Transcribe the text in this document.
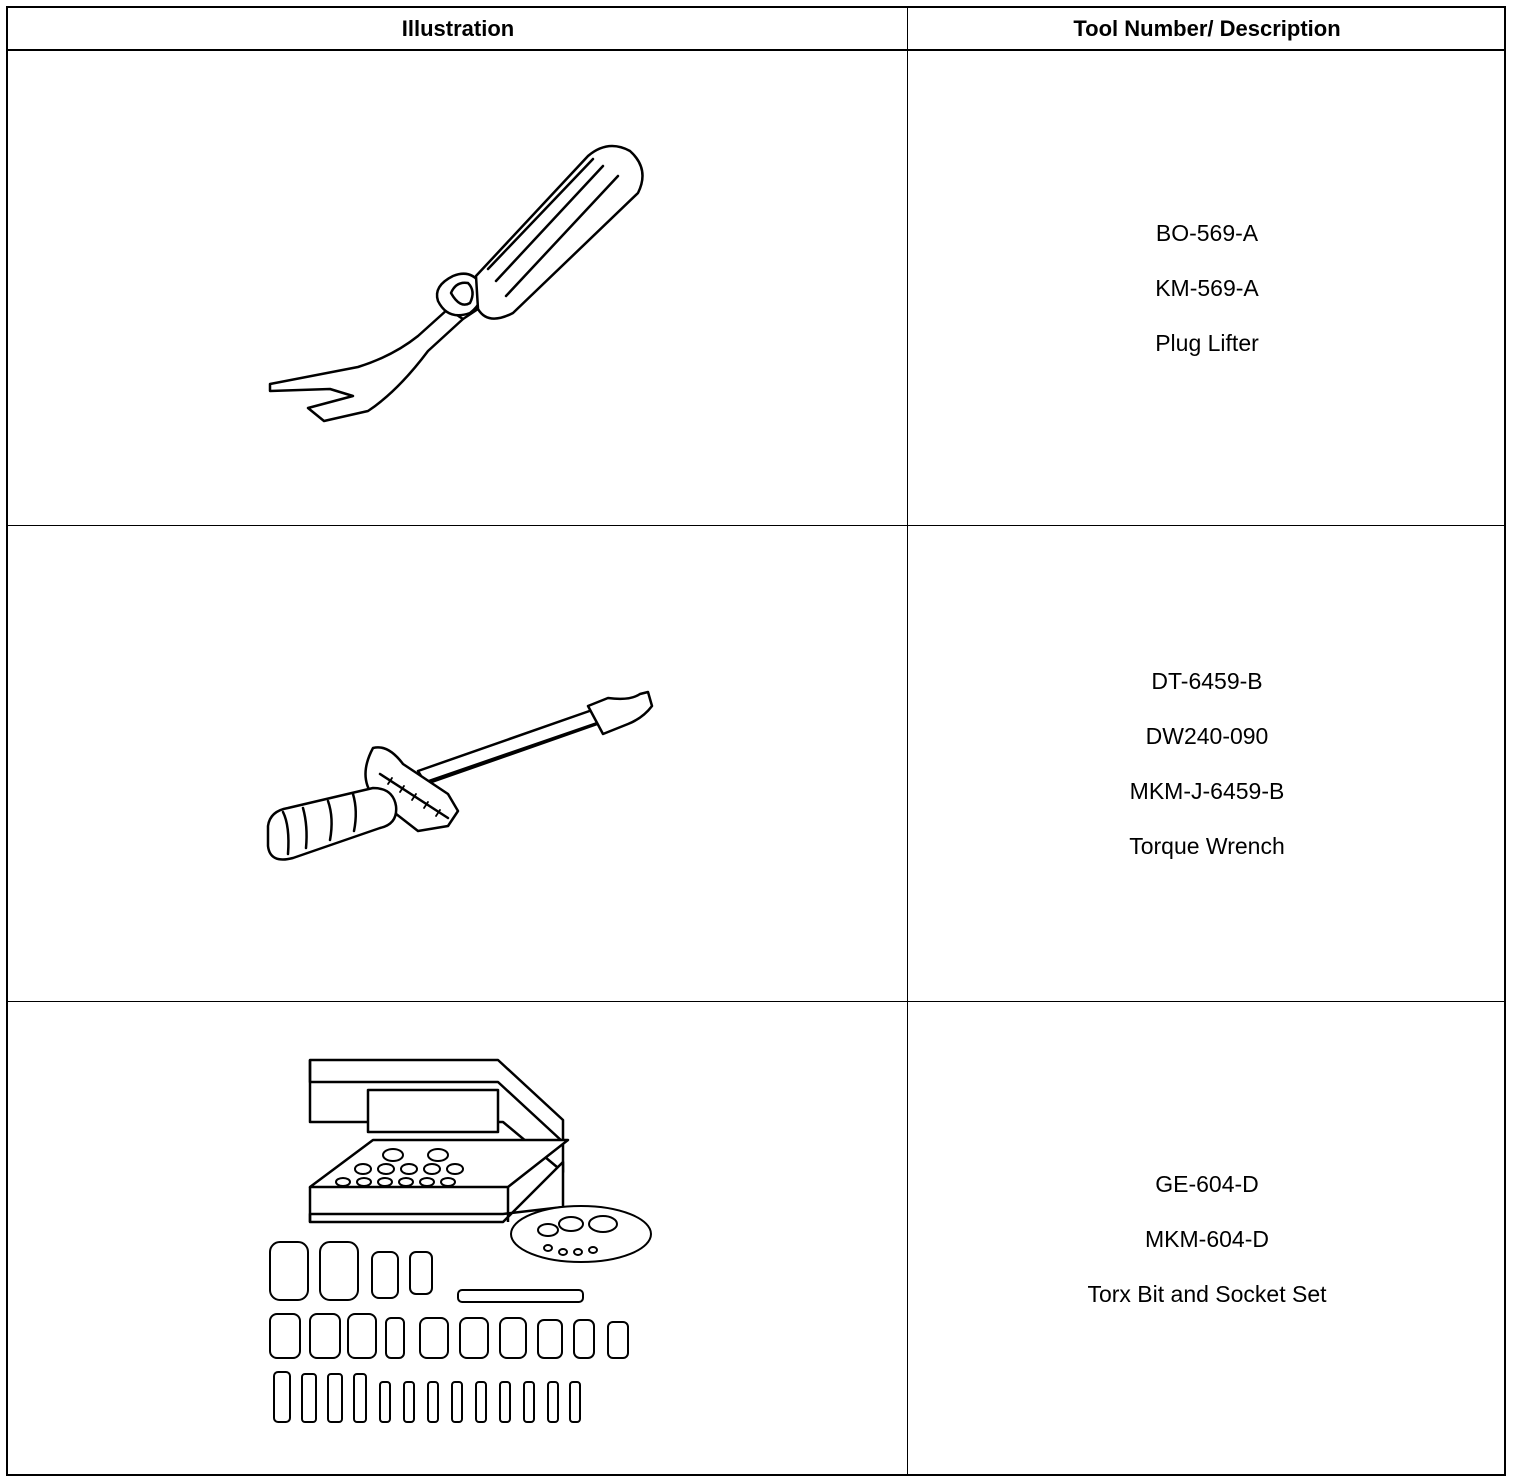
Illustration	Tool Number/ Description

BO-569-A

KM-569-A

Plug Lifter

DT-6459-B

DW240-090

MKM-J-6459-B

Torque Wrench

GE-604-D

MKM-604-D

Torx Bit and Socket Set
